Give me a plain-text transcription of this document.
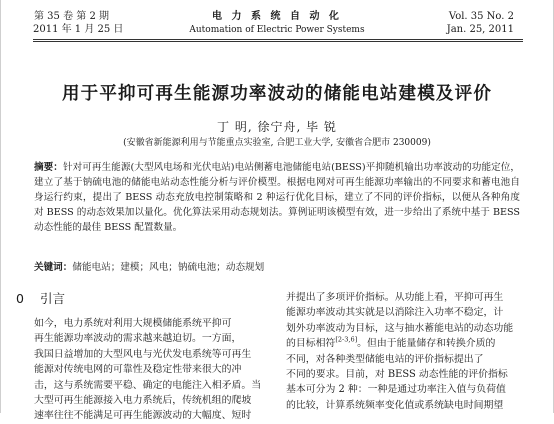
第 35 卷 第 2 期
2011 年 1 月 25 日
电 力 系 统 自 动 化
Automation of Electric Power Systems
Vol. 35 No. 2
Jan. 25, 2011
用于平抑可再生能源功率波动的储能电站建模及评价
丁 明, 徐宁舟, 毕 锐
(安徽省新能源利用与节能重点实验室, 合肥工业大学, 安徽省合肥市 230009)
摘要：针对可再生能源(大型风电场和光伏电站)电站侧蓄电池储能电站(BESS)平抑随机输出功率波动的功能定位，建立了基于钠硫电池的储能电站动态性能分析与评价模型。根据电网对可再生能源功率输出的不同要求和蓄电池自身运行约束，提出了 BESS 动态充放电控制策略和 2 种运行优化目标，建立了不同的评价指标，以便从各种角度对 BESS 的动态效果加以量化。优化算法采用动态规划法。算例证明该模型有效，进一步给出了系统中基于 BESS 动态性能的最佳 BESS 配置数量。
关键词：储能电站；建模；风电；钠硫电池；动态规划
0 引言
如今，电力系统对利用大规模储能系统平抑可
再生能源功率波动的需求越来越迫切。一方面，
我国日益增加的大型风电与光伏发电系统等可再生
能源对传统电网的可靠性及稳定性带来很大的冲
击，这与系统需要平稳、确定的电能注入相矛盾。当
大型可再生能源接入电力系统后，传统机组的爬坡
速率往往不能满足可再生能源波动的大幅度、短时
并提出了多项评价指标。从功能上看，平抑可再生
能源功率波动其实就是以消除注入功率不稳定，计
划外功率波动为目标，这与抽水蓄能电站的动态功能
的目标相符[2-3,6]。但由于能量储存和转换介质的
不同，对各种类型储能电站的评价指标提出了
不同的要求。目前，对 BESS 动态性能的评价指标
基本可分为 2 种：一种是通过功率注入值与负荷值
的比较，计算系统频率变化值或系统缺电时间期望
